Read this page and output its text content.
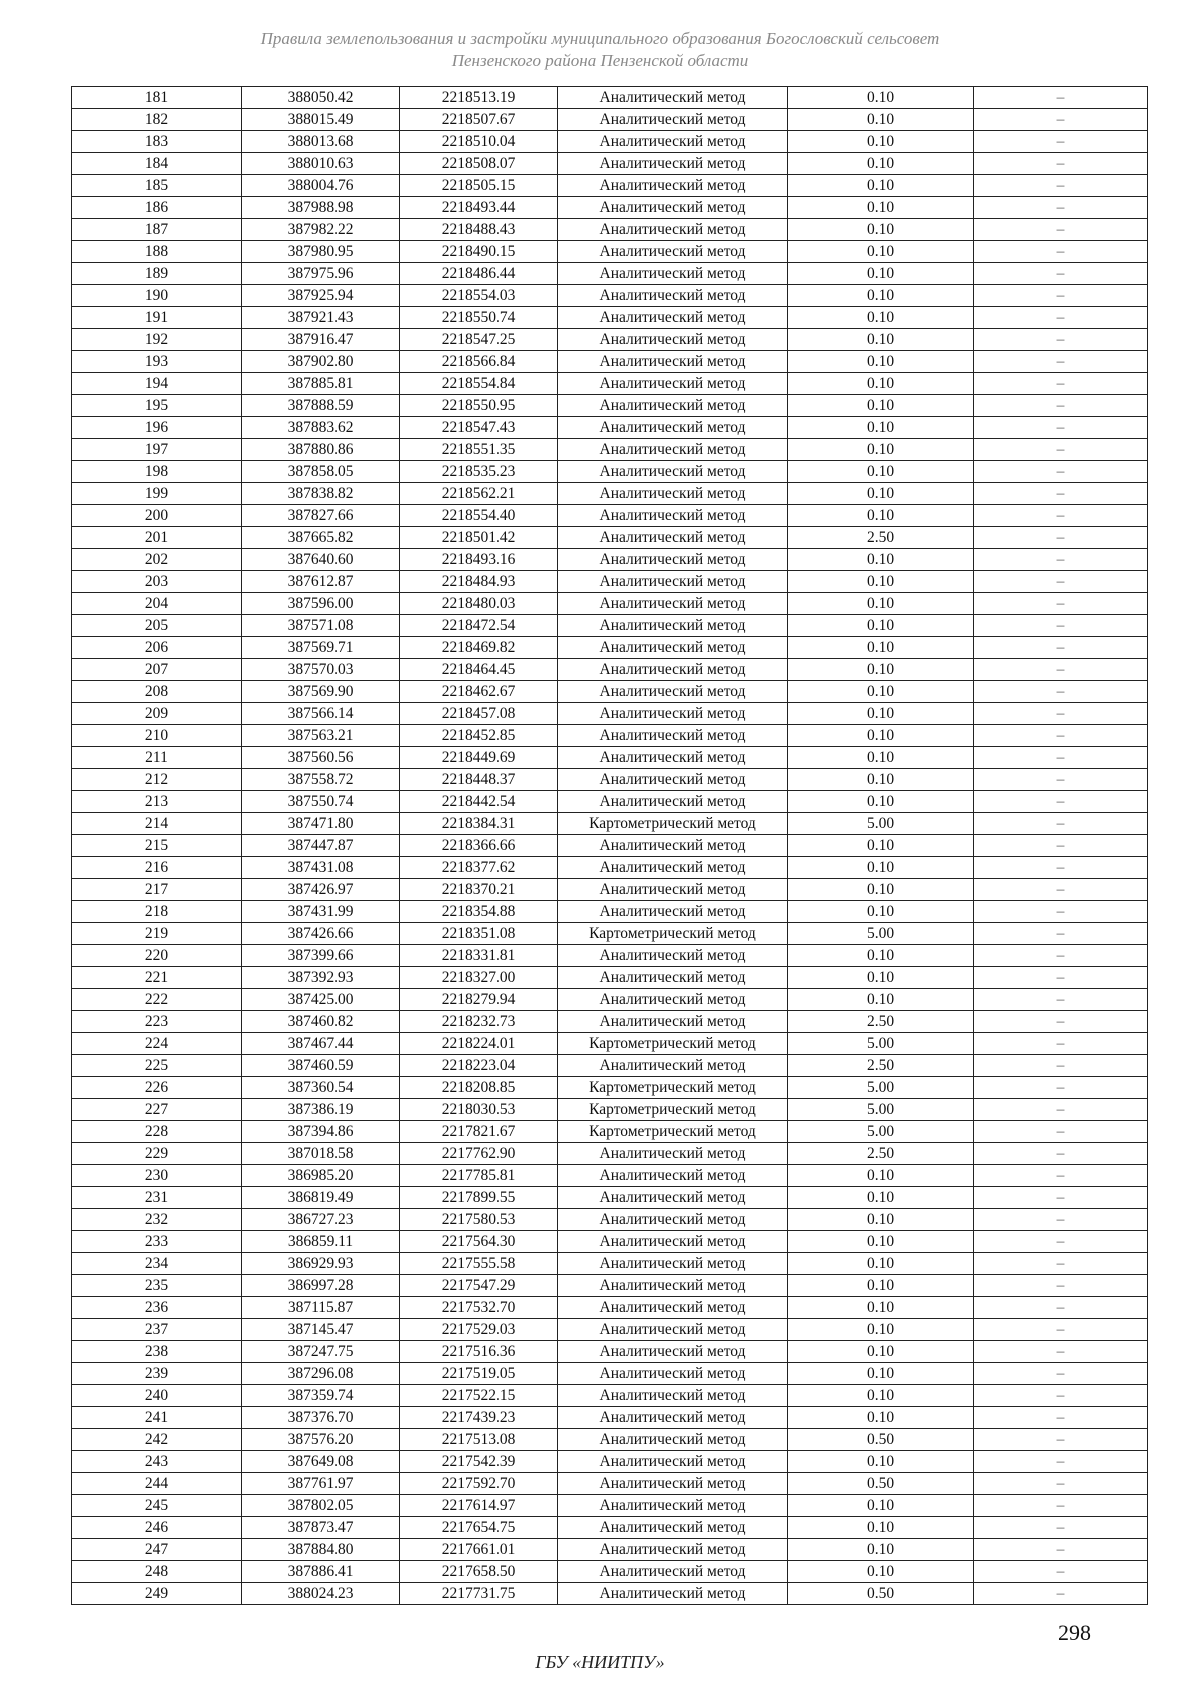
Правила землепользования и застройки муниципального образования Богословский сельсовет
Пензенского района Пензенской области
181	388050.42	2218513.19	Аналитический метод	0.10	–
182	388015.49	2218507.67	Аналитический метод	0.10	–
183	388013.68	2218510.04	Аналитический метод	0.10	–
184	388010.63	2218508.07	Аналитический метод	0.10	–
185	388004.76	2218505.15	Аналитический метод	0.10	–
186	387988.98	2218493.44	Аналитический метод	0.10	–
187	387982.22	2218488.43	Аналитический метод	0.10	–
188	387980.95	2218490.15	Аналитический метод	0.10	–
189	387975.96	2218486.44	Аналитический метод	0.10	–
190	387925.94	2218554.03	Аналитический метод	0.10	–
191	387921.43	2218550.74	Аналитический метод	0.10	–
192	387916.47	2218547.25	Аналитический метод	0.10	–
193	387902.80	2218566.84	Аналитический метод	0.10	–
194	387885.81	2218554.84	Аналитический метод	0.10	–
195	387888.59	2218550.95	Аналитический метод	0.10	–
196	387883.62	2218547.43	Аналитический метод	0.10	–
197	387880.86	2218551.35	Аналитический метод	0.10	–
198	387858.05	2218535.23	Аналитический метод	0.10	–
199	387838.82	2218562.21	Аналитический метод	0.10	–
200	387827.66	2218554.40	Аналитический метод	0.10	–
201	387665.82	2218501.42	Аналитический метод	2.50	–
202	387640.60	2218493.16	Аналитический метод	0.10	–
203	387612.87	2218484.93	Аналитический метод	0.10	–
204	387596.00	2218480.03	Аналитический метод	0.10	–
205	387571.08	2218472.54	Аналитический метод	0.10	–
206	387569.71	2218469.82	Аналитический метод	0.10	–
207	387570.03	2218464.45	Аналитический метод	0.10	–
208	387569.90	2218462.67	Аналитический метод	0.10	–
209	387566.14	2218457.08	Аналитический метод	0.10	–
210	387563.21	2218452.85	Аналитический метод	0.10	–
211	387560.56	2218449.69	Аналитический метод	0.10	–
212	387558.72	2218448.37	Аналитический метод	0.10	–
213	387550.74	2218442.54	Аналитический метод	0.10	–
214	387471.80	2218384.31	Картометрический метод	5.00	–
215	387447.87	2218366.66	Аналитический метод	0.10	–
216	387431.08	2218377.62	Аналитический метод	0.10	–
217	387426.97	2218370.21	Аналитический метод	0.10	–
218	387431.99	2218354.88	Аналитический метод	0.10	–
219	387426.66	2218351.08	Картометрический метод	5.00	–
220	387399.66	2218331.81	Аналитический метод	0.10	–
221	387392.93	2218327.00	Аналитический метод	0.10	–
222	387425.00	2218279.94	Аналитический метод	0.10	–
223	387460.82	2218232.73	Аналитический метод	2.50	–
224	387467.44	2218224.01	Картометрический метод	5.00	–
225	387460.59	2218223.04	Аналитический метод	2.50	–
226	387360.54	2218208.85	Картометрический метод	5.00	–
227	387386.19	2218030.53	Картометрический метод	5.00	–
228	387394.86	2217821.67	Картометрический метод	5.00	–
229	387018.58	2217762.90	Аналитический метод	2.50	–
230	386985.20	2217785.81	Аналитический метод	0.10	–
231	386819.49	2217899.55	Аналитический метод	0.10	–
232	386727.23	2217580.53	Аналитический метод	0.10	–
233	386859.11	2217564.30	Аналитический метод	0.10	–
234	386929.93	2217555.58	Аналитический метод	0.10	–
235	386997.28	2217547.29	Аналитический метод	0.10	–
236	387115.87	2217532.70	Аналитический метод	0.10	–
237	387145.47	2217529.03	Аналитический метод	0.10	–
238	387247.75	2217516.36	Аналитический метод	0.10	–
239	387296.08	2217519.05	Аналитический метод	0.10	–
240	387359.74	2217522.15	Аналитический метод	0.10	–
241	387376.70	2217439.23	Аналитический метод	0.10	–
242	387576.20	2217513.08	Аналитический метод	0.50	–
243	387649.08	2217542.39	Аналитический метод	0.10	–
244	387761.97	2217592.70	Аналитический метод	0.50	–
245	387802.05	2217614.97	Аналитический метод	0.10	–
246	387873.47	2217654.75	Аналитический метод	0.10	–
247	387884.80	2217661.01	Аналитический метод	0.10	–
248	387886.41	2217658.50	Аналитический метод	0.10	–
249	388024.23	2217731.75	Аналитический метод	0.50	–
298
ГБУ «НИИТПУ»
